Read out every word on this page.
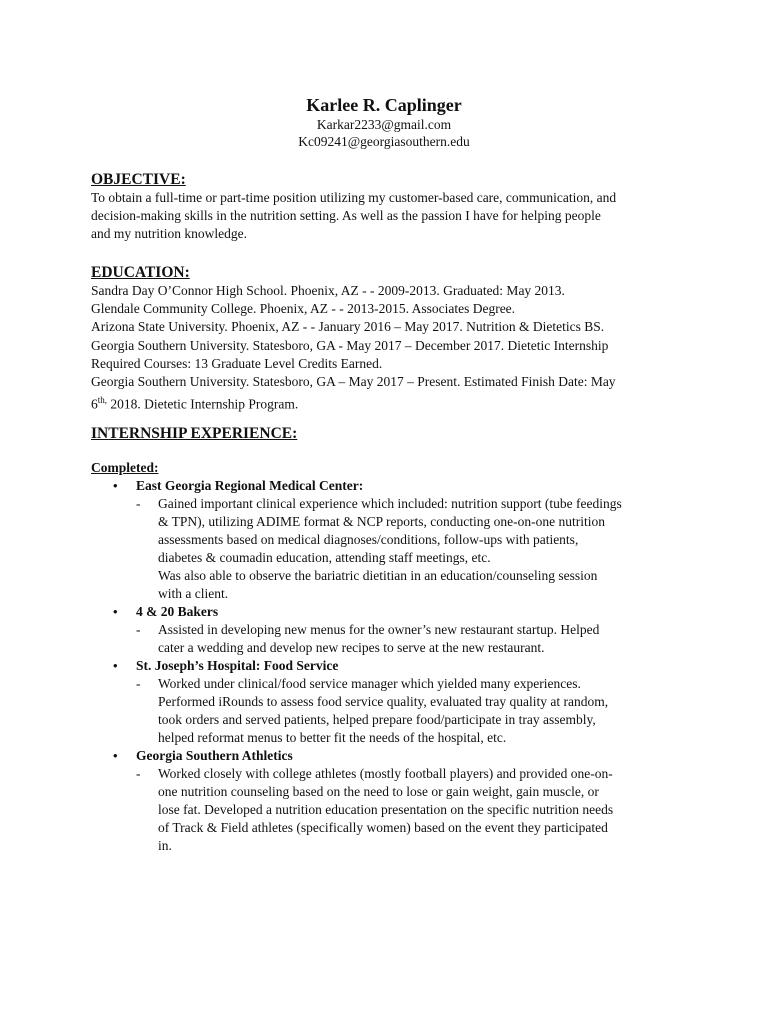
Karlee R. Caplinger
Karkar2233@gmail.com
Kc09241@georgiasouthern.edu
OBJECTIVE:
To obtain a full-time or part-time position utilizing my customer-based care, communication, and
decision-making skills in the nutrition setting. As well as the passion I have for helping people
and my nutrition knowledge.
EDUCATION:
Sandra Day O’Connor High School. Phoenix, AZ - - 2009-2013. Graduated: May 2013.
Glendale Community College. Phoenix, AZ - - 2013-2015. Associates Degree.
Arizona State University. Phoenix, AZ - - January 2016 – May 2017. Nutrition & Dietetics BS.
Georgia Southern University. Statesboro, GA - May 2017 – December 2017. Dietetic Internship
Required Courses: 13 Graduate Level Credits Earned.
Georgia Southern University. Statesboro, GA – May 2017 – Present. Estimated Finish Date: May
$6^{th,}$ 2018. Dietetic Internship Program.
INTERNSHIP EXPERIENCE:
Completed:
• East Georgia Regional Medical Center:
- Gained important clinical experience which included: nutrition support (tube feedings

& TPN), utilizing ADIME format & NCP reports, conducting one-on-one nutrition

assessments based on medical diagnoses/conditions, follow-ups with patients,

diabetes & coumadin education, attending staff meetings, etc.

Was also able to observe the bariatric dietitian in an education/counseling session

with a client.

• 4 & 20 Bakers
- Assisted in developing new menus for the owner’s new restaurant startup. Helped

cater a wedding and develop new recipes to serve at the new restaurant.

• St. Joseph’s Hospital: Food Service
- Worked under clinical/food service manager which yielded many experiences.

Performed iRounds to assess food service quality, evaluated tray quality at random,

took orders and served patients, helped prepare food/participate in tray assembly,

helped reformat menus to better fit the needs of the hospital, etc.

• Georgia Southern Athletics
- Worked closely with college athletes (mostly football players) and provided one-on-

one nutrition counseling based on the need to lose or gain weight, gain muscle, or

lose fat. Developed a nutrition education presentation on the specific nutrition needs

of Track & Field athletes (specifically women) based on the event they participated

in.
